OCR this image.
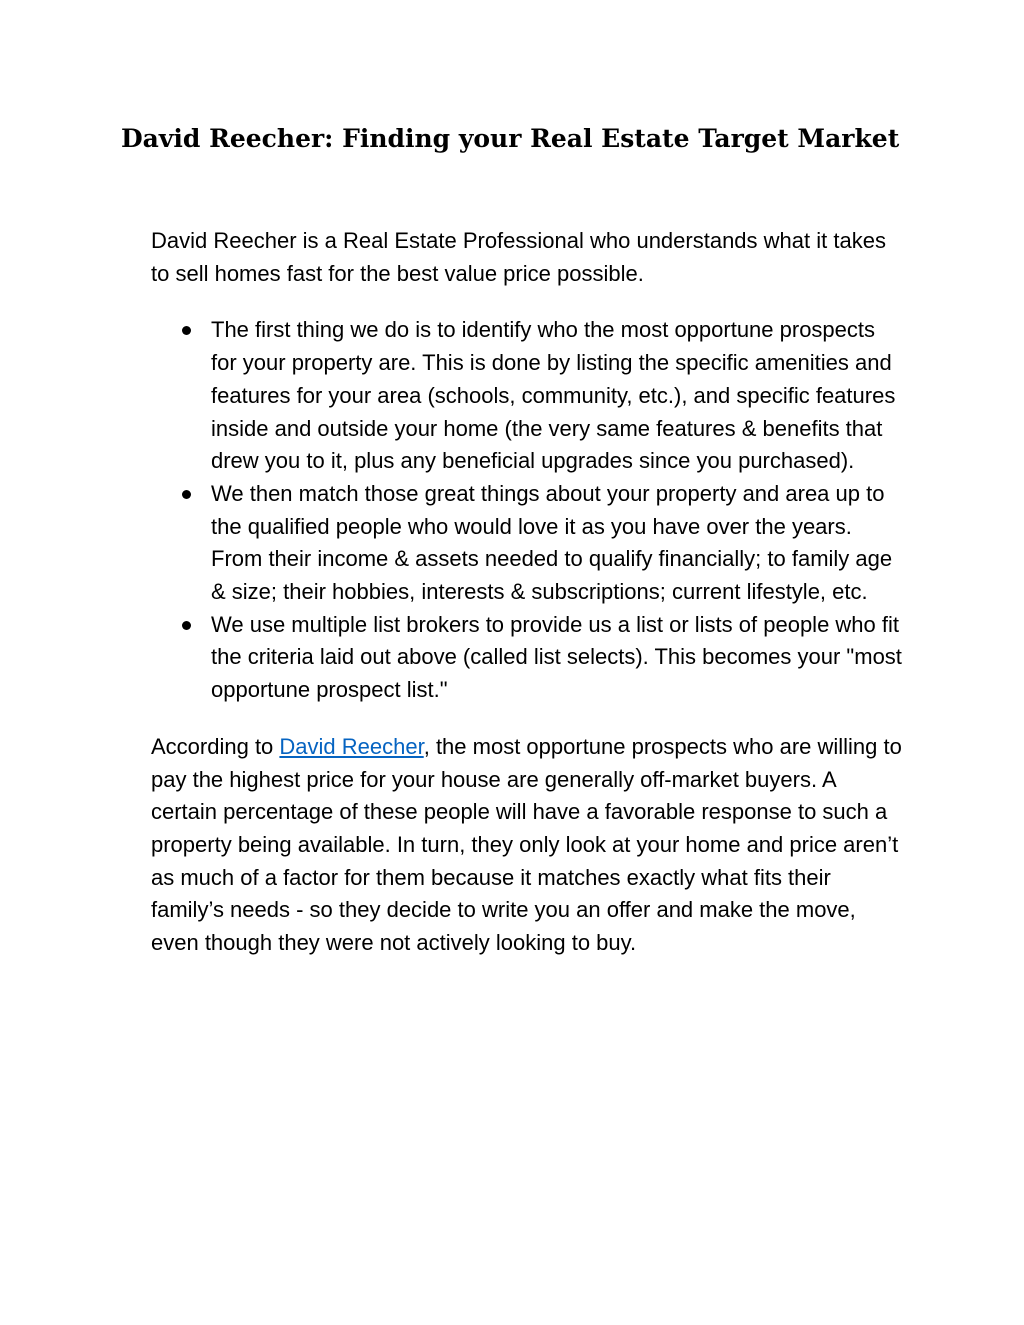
David Reecher: Finding your Real Estate Target Market

David Reecher is a Real Estate Professional who understands what it takes to sell homes fast for the best value price possible.

The first thing we do is to identify who the most opportune prospects for your property are. This is done by listing the specific amenities and features for your area (schools, community, etc.), and specific features inside and outside your home (the very same features & benefits that drew you to it, plus any beneficial upgrades since you purchased).
We then match those great things about your property and area up to the qualified people who would love it as you have over the years. From their income & assets needed to qualify financially; to family age & size; their hobbies, interests & subscriptions; current lifestyle, etc.
We use multiple list brokers to provide us a list or lists of people who fit the criteria laid out above (called list selects). This becomes your "most opportune prospect list."

According to David Reecher, the most opportune prospects who are willing to pay the highest price for your house are generally off-market buyers. A certain percentage of these people will have a favorable response to such a property being available. In turn, they only look at your home and price aren’t as much of a factor for them because it matches exactly what fits their family’s needs - so they decide to write you an offer and make the move, even though they were not actively looking to buy.
